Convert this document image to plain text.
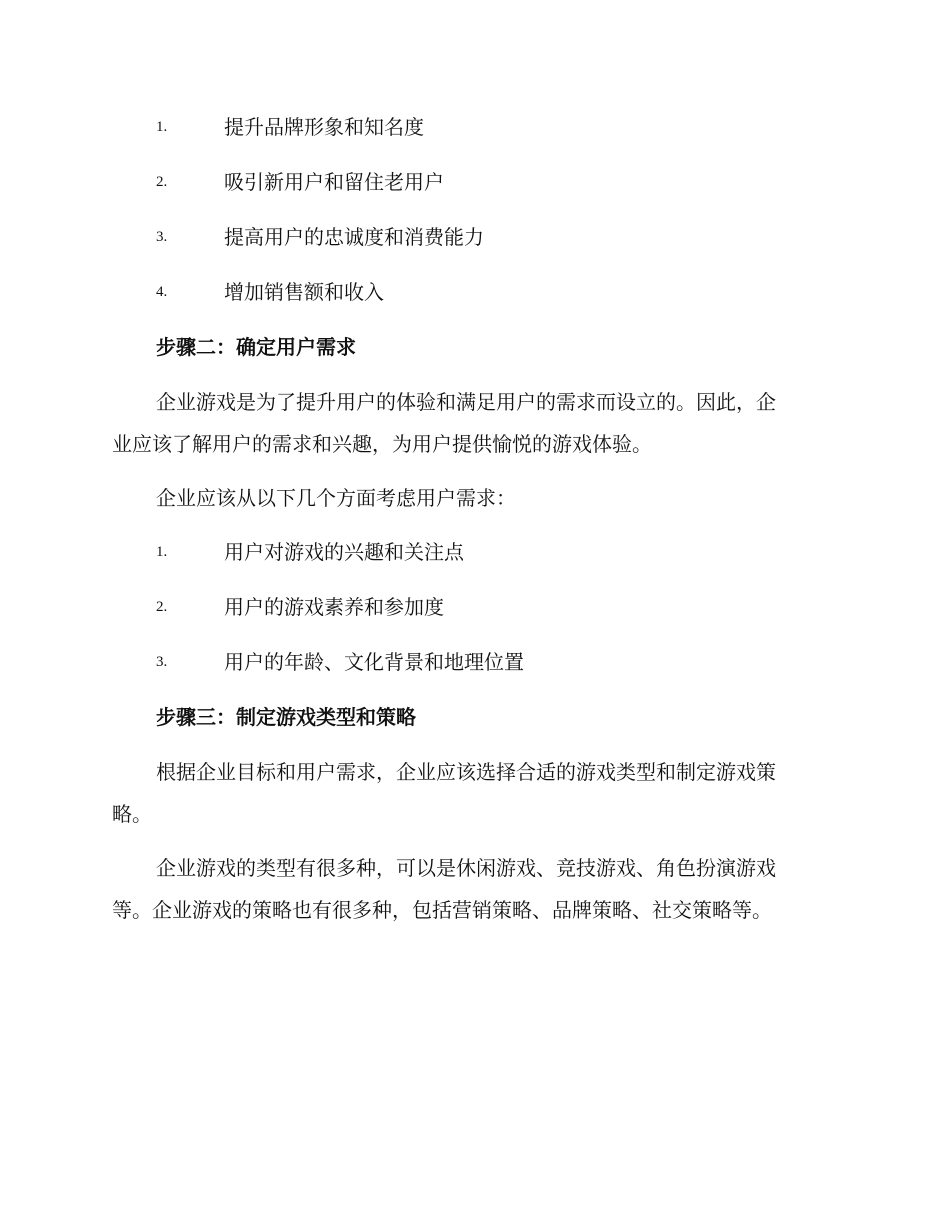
1.	提升品牌形象和知名度
2.	吸引新用户和留住老用户
3.	提高用户的忠诚度和消费能力
4.	增加销售额和收入
步骤二：确定用户需求
企业游戏是为了提升用户的体验和满足用户的需求而设立的。因此，企
业应该了解用户的需求和兴趣，为用户提供愉悦的游戏体验。
企业应该从以下几个方面考虑用户需求：
1.	用户对游戏的兴趣和关注点
2.	用户的游戏素养和参加度
3.	用户的年龄、文化背景和地理位置
步骤三：制定游戏类型和策略
根据企业目标和用户需求，企业应该选择合适的游戏类型和制定游戏策
略。
企业游戏的类型有很多种，可以是休闲游戏、竞技游戏、角色扮演游戏
等。企业游戏的策略也有很多种，包括营销策略、品牌策略、社交策略等。
